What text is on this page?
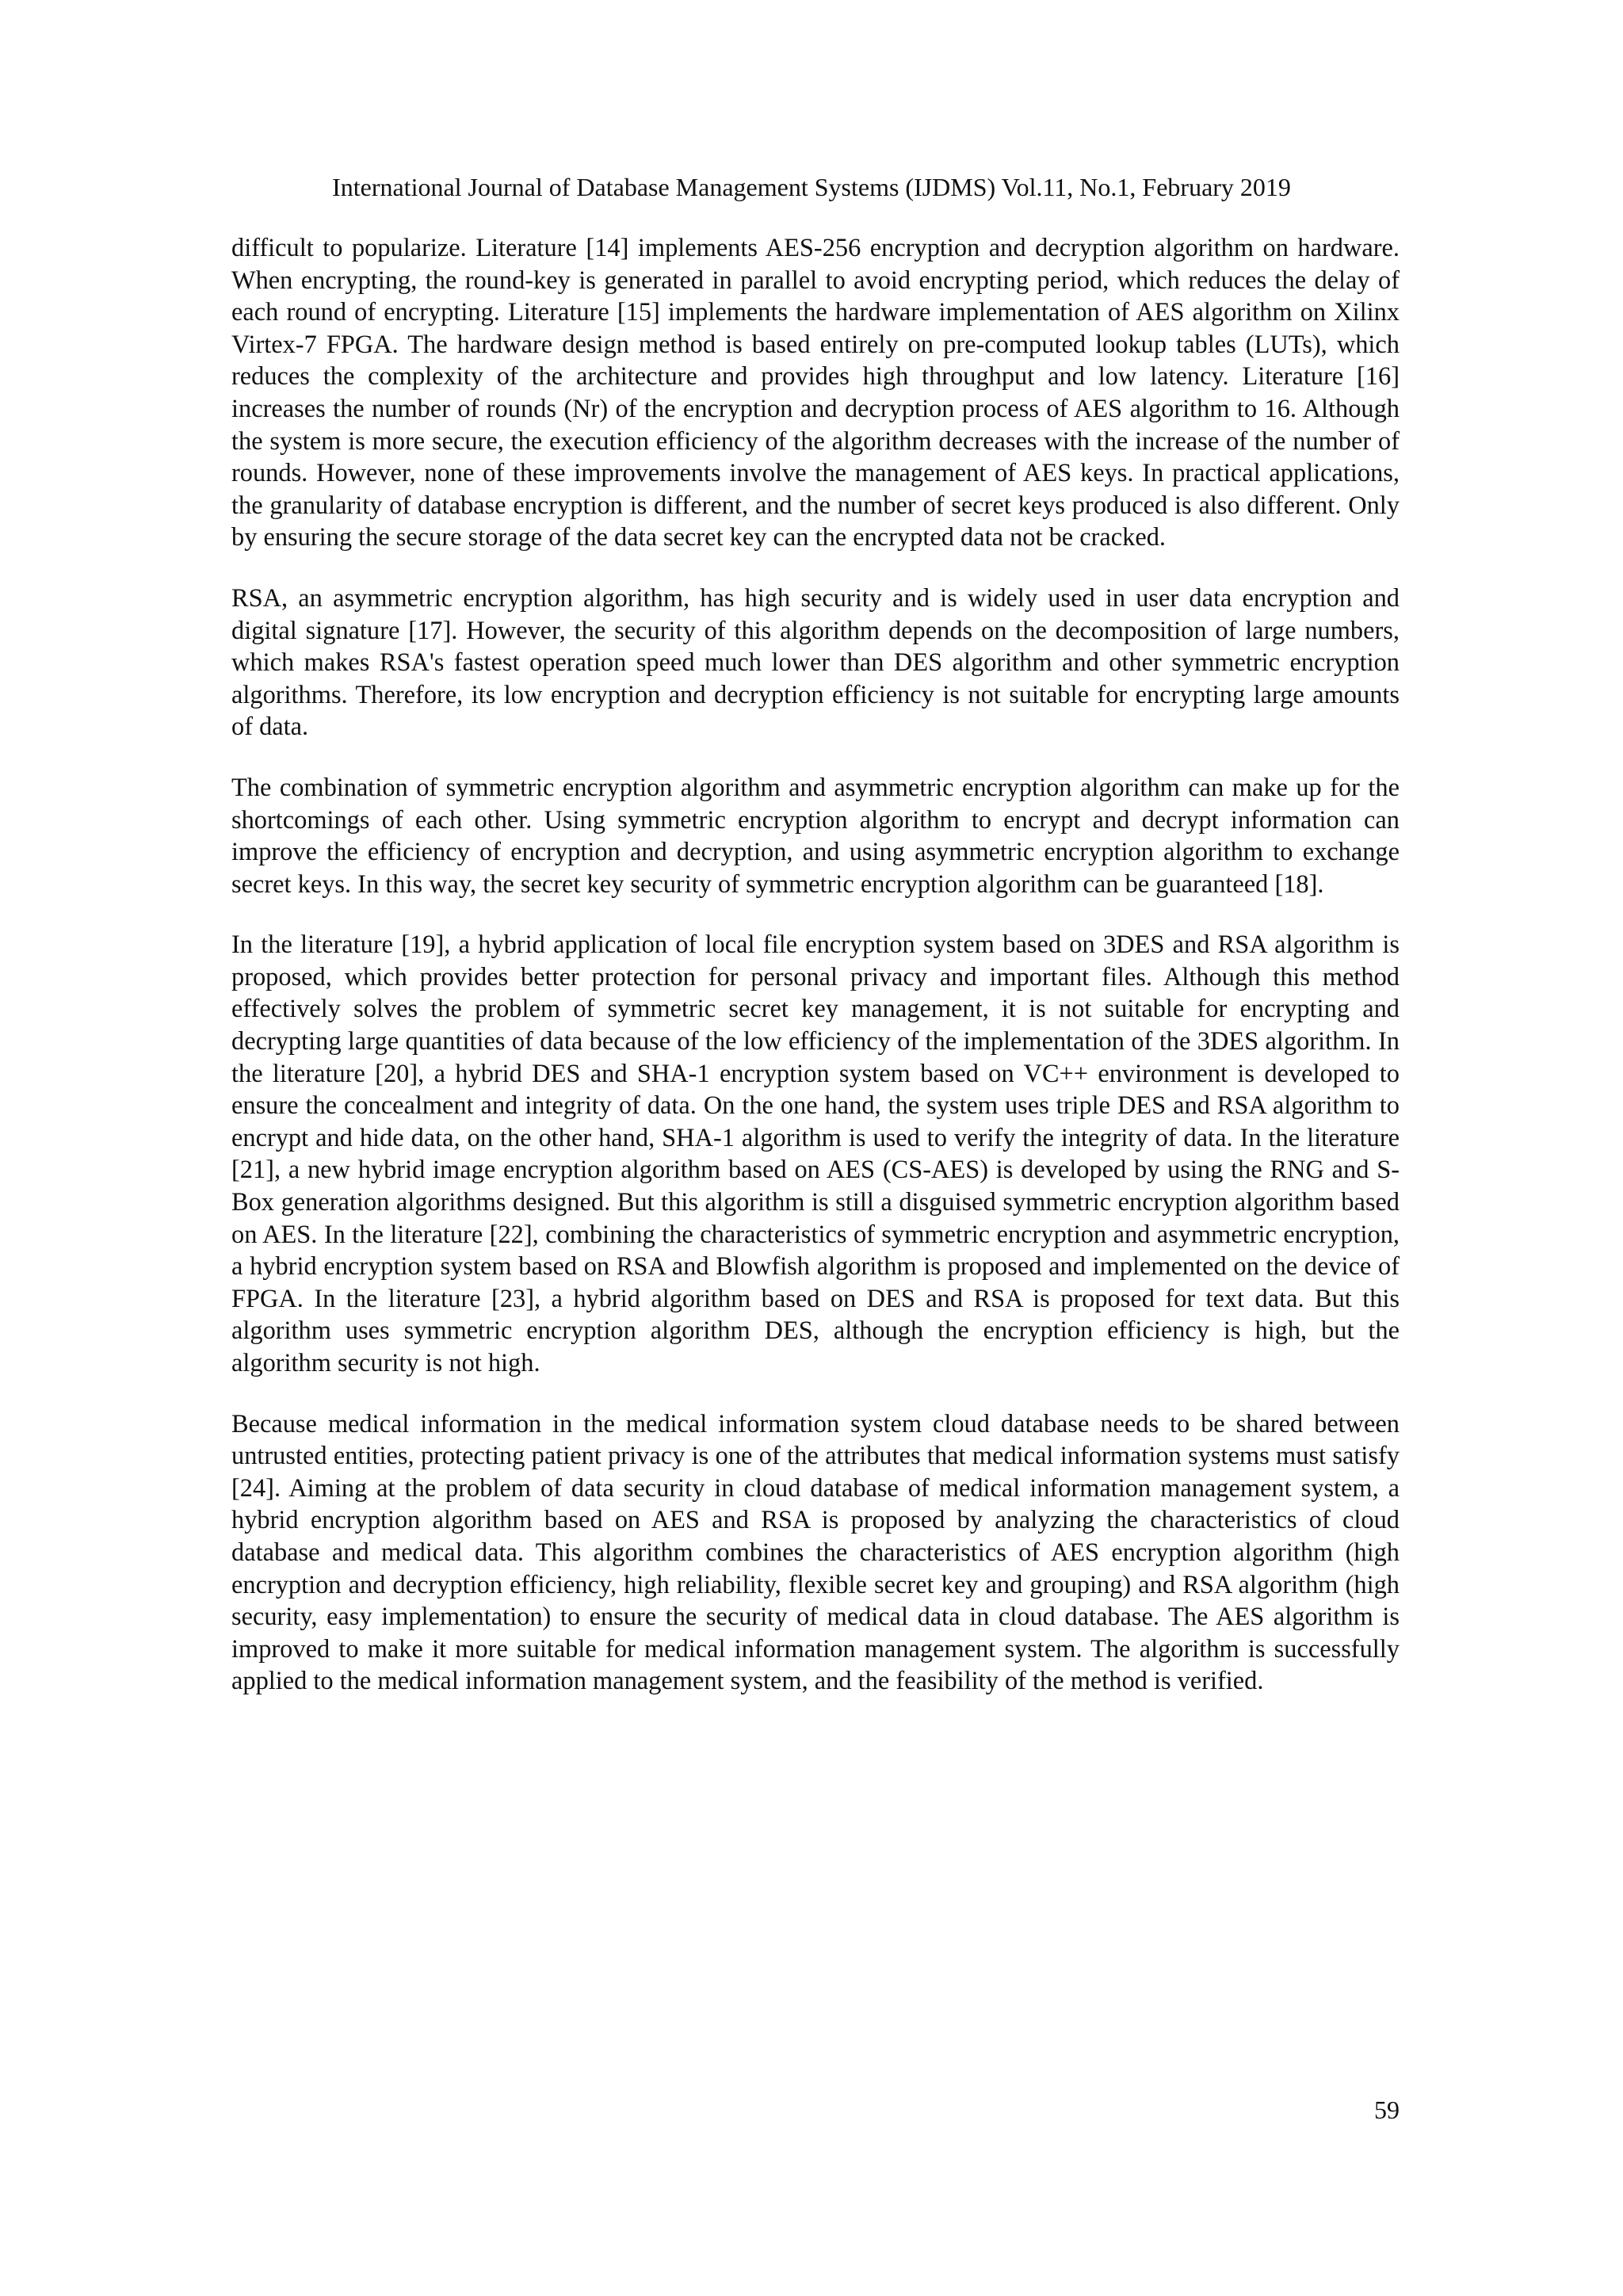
International Journal of Database Management Systems (IJDMS) Vol.11, No.1, February 2019

difficult to popularize. Literature [14] implements AES-256 encryption and decryption algorithm on hardware. When encrypting, the round-key is generated in parallel to avoid encrypting period, which reduces the delay of each round of encrypting. Literature [15] implements the hardware implementation of AES algorithm on Xilinx Virtex-7 FPGA. The hardware design method is based entirely on pre-computed lookup tables (LUTs), which reduces the complexity of the architecture and provides high throughput and low latency. Literature [16] increases the number of rounds (Nr) of the encryption and decryption process of AES algorithm to 16. Although the system is more secure, the execution efficiency of the algorithm decreases with the increase of the number of rounds. However, none of these improvements involve the management of AES keys. In practical applications, the granularity of database encryption is different, and the number of secret keys produced is also different. Only by ensuring the secure storage of the data secret key can the encrypted data not be cracked.

RSA, an asymmetric encryption algorithm, has high security and is widely used in user data encryption and digital signature [17]. However, the security of this algorithm depends on the decomposition of large numbers, which makes RSA's fastest operation speed much lower than DES algorithm and other symmetric encryption algorithms. Therefore, its low encryption and decryption efficiency is not suitable for encrypting large amounts of data.

The combination of symmetric encryption algorithm and asymmetric encryption algorithm can make up for the shortcomings of each other. Using symmetric encryption algorithm to encrypt and decrypt information can improve the efficiency of encryption and decryption, and using asymmetric encryption algorithm to exchange secret keys. In this way, the secret key security of symmetric encryption algorithm can be guaranteed [18].

In the literature [19], a hybrid application of local file encryption system based on 3DES and RSA algorithm is proposed, which provides better protection for personal privacy and important files. Although this method effectively solves the problem of symmetric secret key management, it is not suitable for encrypting and decrypting large quantities of data because of the low efficiency of the implementation of the 3DES algorithm. In the literature [20], a hybrid DES and SHA-1 encryption system based on VC++ environment is developed to ensure the concealment and integrity of data. On the one hand, the system uses triple DES and RSA algorithm to encrypt and hide data, on the other hand, SHA-1 algorithm is used to verify the integrity of data. In the literature [21], a new hybrid image encryption algorithm based on AES (CS-AES) is developed by using the RNG and S-Box generation algorithms designed. But this algorithm is still a disguised symmetric encryption algorithm based on AES. In the literature [22], combining the characteristics of symmetric encryption and asymmetric encryption, a hybrid encryption system based on RSA and Blowfish algorithm is proposed and implemented on the device of FPGA. In the literature [23], a hybrid algorithm based on DES and RSA is proposed for text data. But this algorithm uses symmetric encryption algorithm DES, although the encryption efficiency is high, but the algorithm security is not high.

Because medical information in the medical information system cloud database needs to be shared between untrusted entities, protecting patient privacy is one of the attributes that medical information systems must satisfy [24]. Aiming at the problem of data security in cloud database of medical information management system, a hybrid encryption algorithm based on AES and RSA is proposed by analyzing the characteristics of cloud database and medical data. This algorithm combines the characteristics of AES encryption algorithm (high encryption and decryption efficiency, high reliability, flexible secret key and grouping) and RSA algorithm (high security, easy implementation) to ensure the security of medical data in cloud database. The AES algorithm is improved to make it more suitable for medical information management system. The algorithm is successfully applied to the medical information management system, and the feasibility of the method is verified.

59
